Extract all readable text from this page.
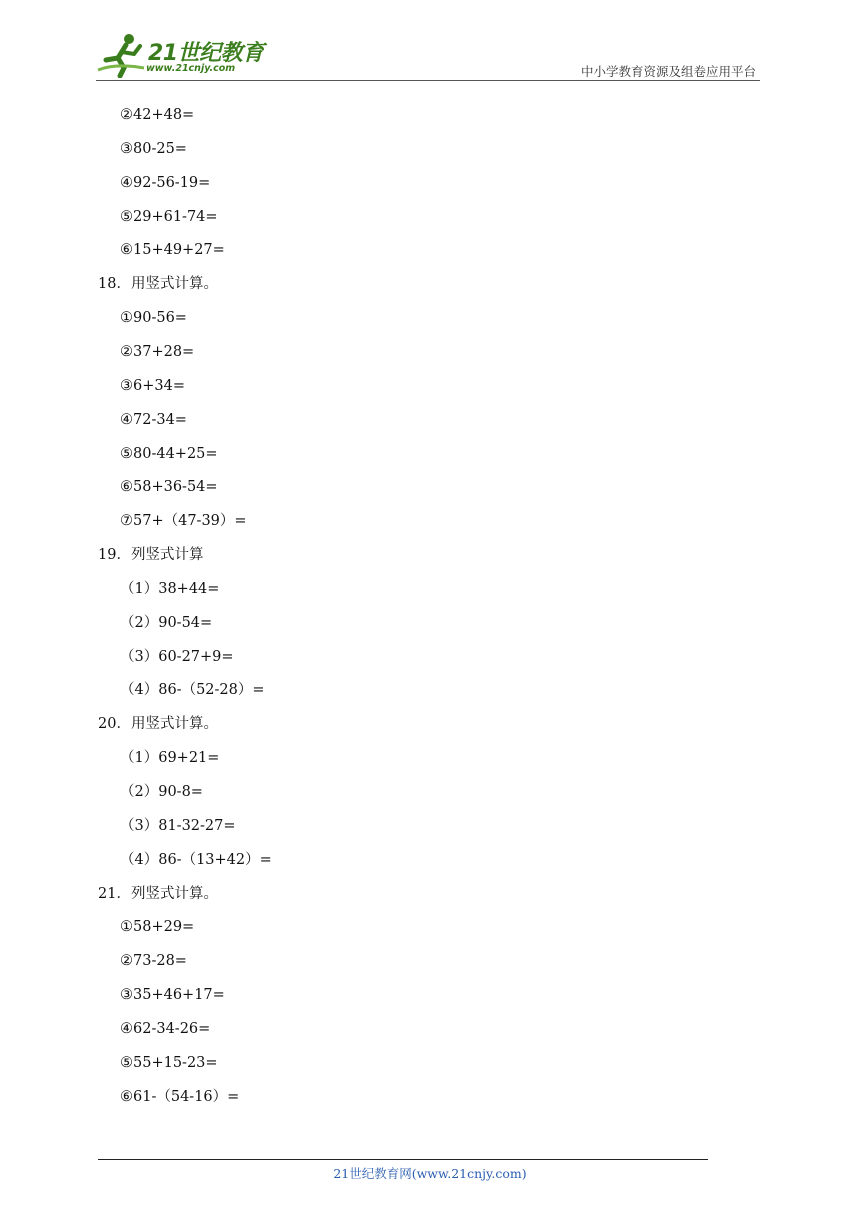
21世纪教育
www.21cnjy.com	中小学教育资源及组卷应用平台
②42+48=
③80-25=
④92-56-19=
⑤29+61-74=
⑥15+49+27=
18．用竖式计算。
①90-56=
②37+28=
③6+34=
④72-34=
⑤80-44+25=
⑥58+36-54=
⑦57+（47-39）=
19．列竖式计算
（1）38+44=
（2）90-54=
（3）60-27+9=
（4）86-（52-28）=
20．用竖式计算。
（1）69+21=
（2）90-8=
（3）81-32-27=
（4）86-（13+42）=
21．列竖式计算。
①58+29=
②73-28=
③35+46+17=
④62-34-26=
⑤55+15-23=
⑥61-（54-16）=
21世纪教育网(www.21cnjy.com)
